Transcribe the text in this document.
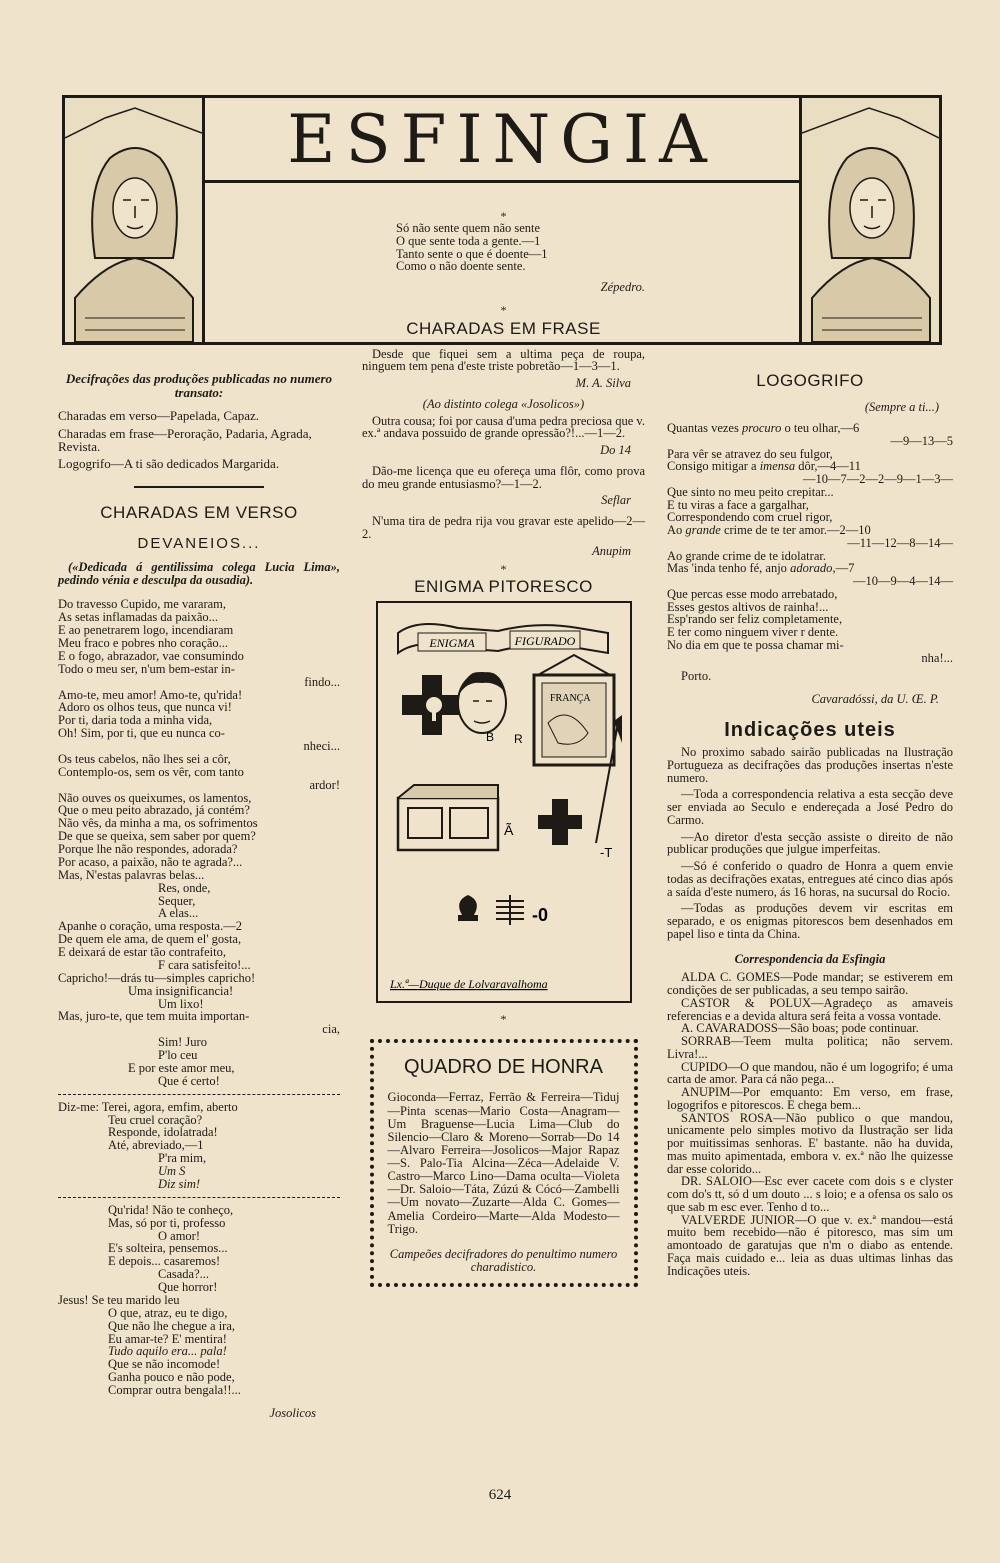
ESFINGIA
*

Só não sente quem não sente

O que sente toda a gente.—1

Tanto sente o que é doente—1

Como o não doente sente.

Zépedro.

*
CHARADAS EM FRASE

Desde que fiquei sem a ultima peça de roupa, ninguem tem pena d'este triste pobretão—1—3—1.

M. A. Silva

(Ao distinto colega «Josolicos»)

Outra cousa; foi por causa d'uma pedra preciosa que v. ex.ª andava possuido de grande opressão?!...—1—2.

Do 14

Dão-me licença que eu ofereça uma flôr, como prova do meu grande entusiasmo?—1—2.

Seflar

N'uma tira de pedra rija vou gravar este apelido—2—2.

Anupim

*
ENIGMA PITORESCO
ENIGMA	FIGURADO
B R
FRANÇA
Ã
-T
-0
Lx.ª—Duque de Lolvaravalhoma
*
QUADRO DE HONRA

Gioconda—Ferraz, Ferrão & Ferreira—Tiduj—Pinta scenas—Mario Costa—Anagram—Um Braguense—Lucia Lima—Club do Silencio—Claro & Moreno—Sorrab—Do 14—Alvaro Ferreira—Josolicos—Major Rapaz—S. Palo-Tia Alcina—Zéca—Adelaide V. Castro—Marco Lino—Dama oculta—Violeta—Dr. Saloio—Táta, Zúzú & Cócó—Zambelli—Um novato—Zuzarte—Alda C. Gomes—Amelia Cordeiro—Marte—Alda Modesto—Trigo.

Campeões decifradores do penultimo numero charadistico.

Decifrações das produções publicadas no numero transato:

Charadas em verso—Papelada, Capaz.

Charadas em frase—Peroração, Padaria, Agrada, Revista.

Logogrifo—A ti são dedicados Margarida.

CHARADAS EM VERSO
DEVANEIOS...

(«Dedicada á gentilissima colega Lucia Lima», pedindo vénia e desculpa da ousadia).

Do travesso Cupido, me vararam,

As setas inflamadas da paixão...

E ao penetrarem logo, incendiaram

Meu fraco e pobres nho coração...

E o fogo, abrazador, vae consumindo

Todo o meu ser, n'um bem-estar in-

findo...

Amo-te, meu amor! Amo-te, qu'rida!

Adoro os olhos teus, que nunca vi!

Por ti, daria toda a minha vida,

Oh! Sim, por ti, que eu nunca co-

nheci...

Os teus cabelos, não lhes sei a côr,

Contemplo-os, sem os vêr, com tanto

ardor!

Não ouves os queixumes, os lamentos,

Que o meu peito abrazado, já contém?

Não vês, da minha a ma, os sofrimentos

De que se queixa, sem saber por quem?

Porque lhe não respondes, adorada?

Por acaso, a paixão, não te agrada?...

Mas, N'estas palavras belas...

Res, onde,

Sequer,

A elas...

Apanhe o coração, uma resposta.—2

De quem ele ama, de quem el' gosta,

E deixará de estar tão contrafeito,

F cara satisfeito!...

Capricho!—drás tu—simples capricho!

Uma insignificancia!

Um lixo!

Mas, juro-te, que tem muita importan-

cia,

Sim! Juro

P'lo ceu

E por este amor meu,

Que é certo!

Diz-me: Terei, agora, emfim, aberto

Teu cruel coração?

Responde, idolatrada!

Até, abreviado,—1

P'ra mim,

Um S

Diz sim!

Qu'rida! Não te conheço,

Mas, só por ti, professo

O amor!

E's solteira, pensemos...

E depois... casaremos!

Casada?...

Que horror!

Jesus! Se teu marido leu

O que, atraz, eu te digo,

Que não lhe chegue a ira,

Eu amar-te? E' mentira!

Tudo aquilo era... pala!

Que se não incomode!

Ganha pouco e não pode,

Comprar outra bengala!!...

Josolicos

LOGOGRIFO

(Sempre a ti...)

Quantas vezes procuro o teu olhar,—6

—9—13—5

Para vêr se atravez do seu fulgor,

Consigo mitigar a imensa dôr,—4—11

—10—7—2—2—9—1—3—

Que sinto no meu peito crepitar...

E tu viras a face a gargalhar,

Correspondendo com cruel rigor,

Ao grande crime de te ter amor.—2—10

—11—12—8—14—

Ao grande crime de te idolatrar.

Mas 'inda tenho fé, anjo adorado,—7

—10—9—4—14—

Que percas esse modo arrebatado,

Esses gestos altivos de rainha!...

Esp'rando ser feliz completamente,

E ter como ninguem viver r dente.

No dia em que te possa chamar mi-

nha!...

Porto.

Cavaradóssi, da U. Œ. P.

Indicações uteis

No proximo sabado sairão publicadas na Ilustração Portugueza as decifrações das produções insertas n'este numero.

—Toda a correspondencia relativa a esta secção deve ser enviada ao Seculo e endereçada a José Pedro do Carmo.

—Ao diretor d'esta secção assiste o direito de não publicar produções que julgue imperfeitas.

—Só é conferido o quadro de Honra a quem envie todas as decifrações exatas, entregues até cinco dias após a saída d'este numero, ás 16 horas, na sucursal do Rocio.

—Todas as produções devem vir escritas em separado, e os enigmas pitorescos bem desenhados em papel liso e tinta da China.

Correspondencia da Esfingia

ALDA C. GOMES—Pode mandar; se estiverem em condições de ser publicadas, a seu tempo sairão.

CASTOR & POLUX—Agradeço as amaveis referencias e a devida altura será feita a vossa vontade.

A. CAVARADOSS—São boas; pode continuar.

SORRAB—Teem multa politica; não servem. Livra!...

CUPIDO—O que mandou, não é um logogrifo; é uma carta de amor. Para cá não pega...

ANUPIM—Por emquanto: Em verso, em frase, logogrifos e pitorescos. E chega bem...

SANTOS ROSA—Não publico o que mandou, unicamente pelo simples motivo da Ilustração ser lida por muitissimas senhoras. E' bastante. não ha duvida, mas muito apimentada, embora v. ex.ª não lhe quizesse dar esse colorido...

DR. SALOIO—Esc ever cacete com dois s e clyster com do's tt, só d um douto ... s loio; e a ofensa os salo os que sab m esc ever. Tenho d to...

VALVERDE JUNIOR—O que v. ex.ª mandou—está muito bem recebido—não é pitoresco, mas sim um amontoado de garatujas que n'm o diabo as entende. Faça mais cuidado e... leia as duas ultimas linhas das Indicações uteis.

624
